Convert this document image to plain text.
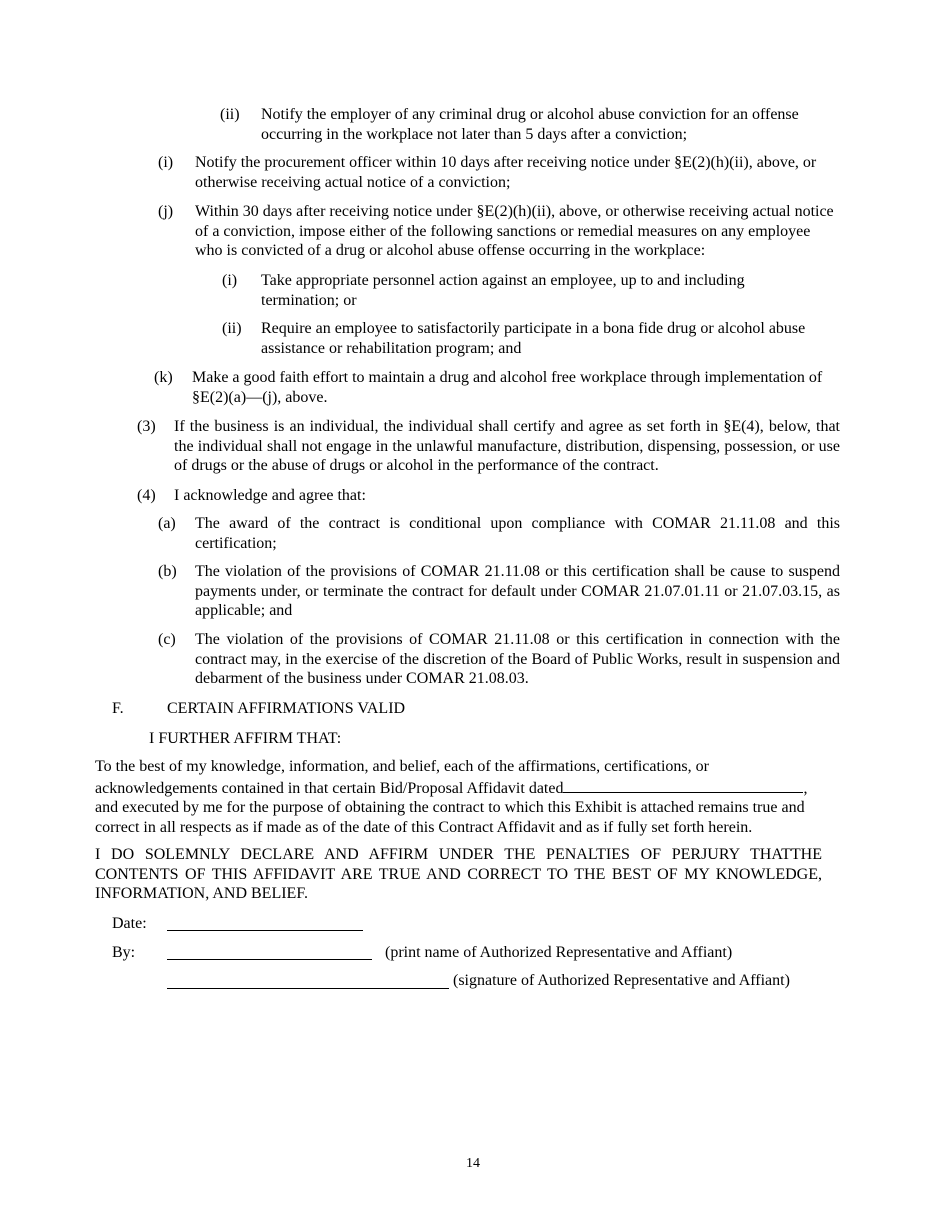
(ii)	Notify the employer of any criminal drug or alcohol abuse conviction for an offense occurring in the workplace not later than 5 days after a conviction;
(i)	Notify the procurement officer within 10 days after receiving notice under §E(2)(h)(ii), above, or otherwise receiving actual notice of a conviction;
(j)	Within 30 days after receiving notice under §E(2)(h)(ii), above, or otherwise receiving actual notice of a conviction, impose either of the following sanctions or remedial measures on any employee who is convicted of a drug or alcohol abuse offense occurring in the workplace:
(i)	Take appropriate personnel action against an employee, up to and including termination; or
(ii)	Require an employee to satisfactorily participate in a bona fide drug or alcohol abuse assistance or rehabilitation program; and
(k)	Make a good faith effort to maintain a drug and alcohol free workplace through implementation of §E(2)(a)—(j), above.
(3)	If the business is an individual, the individual shall certify and agree as set forth in §E(4), below, that the individual shall not engage in the unlawful manufacture, distribution, dispensing, possession, or use of drugs or the abuse of drugs or alcohol in the performance of the contract.
(4)	I acknowledge and agree that:
(a)	The award of the contract is conditional upon compliance with COMAR 21.11.08 and this certification;
(b)	The violation of the provisions of COMAR 21.11.08 or this certification shall be cause to suspend payments under, or terminate the contract for default under COMAR 21.07.01.11 or 21.07.03.15, as applicable; and
(c)	The violation of the provisions of COMAR 21.11.08 or this certification in connection with the contract may, in the exercise of the discretion of the Board of Public Works, result in suspension and debarment of the business under COMAR 21.08.03.
F.	CERTAIN AFFIRMATIONS VALID
I FURTHER AFFIRM THAT:
To the best of my knowledge, information, and belief, each of the affirmations, certifications, or
acknowledgements contained in that certain Bid/Proposal Affidavit dated	,
and executed by me for the purpose of obtaining the contract to which this Exhibit is attached remains true and correct in all respects as if made as of the date of this Contract Affidavit and as if fully set forth herein.
I DO SOLEMNLY DECLARE AND AFFIRM UNDER THE PENALTIES OF PERJURY THATTHE CONTENTS OF THIS AFFIDAVIT ARE TRUE AND CORRECT TO THE BEST OF MY KNOWLEDGE, INFORMATION, AND BELIEF.
Date:
By:	(print name of Authorized Representative and Affiant)
(signature of Authorized Representative and Affiant)
14
